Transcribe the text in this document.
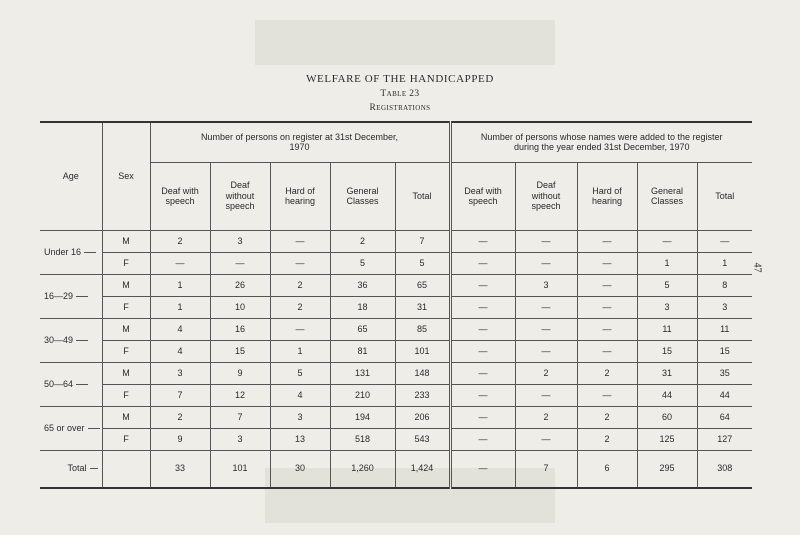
WELFARE OF THE HANDICAPPED
Table 23
Registrations
47
Age	Sex	Number of persons on register at 31st December, 1970					Number of persons whose names were added to the register during the year ended 31st December, 1970				
		Deaf with speech	Deaf without speech	Hard of hearing	General Classes	Total	Deaf with speech	Deaf without speech	Hard of hearing	General Classes	Total
Under 16	M	2	3	—	2	7	—	—	—	—	—
	F	—	—	—	5	5	—	—	—	1	1
16—29	M	1	26	2	36	65	—	3	—	5	8
	F	1	10	2	18	31	—	—	—	3	3
30—49	M	4	16	—	65	85	—	—	—	11	11
	F	4	15	1	81	101	—	—	—	15	15
50—64	M	3	9	5	131	148	—	2	2	31	35
	F	7	12	4	210	233	—	—	—	44	44
65 or over	M	2	7	3	194	206	—	2	2	60	64
	F	9	3	13	518	543	—	—	2	125	127
Total		33	101	30	1,260	1,424	—	7	6	295	308
